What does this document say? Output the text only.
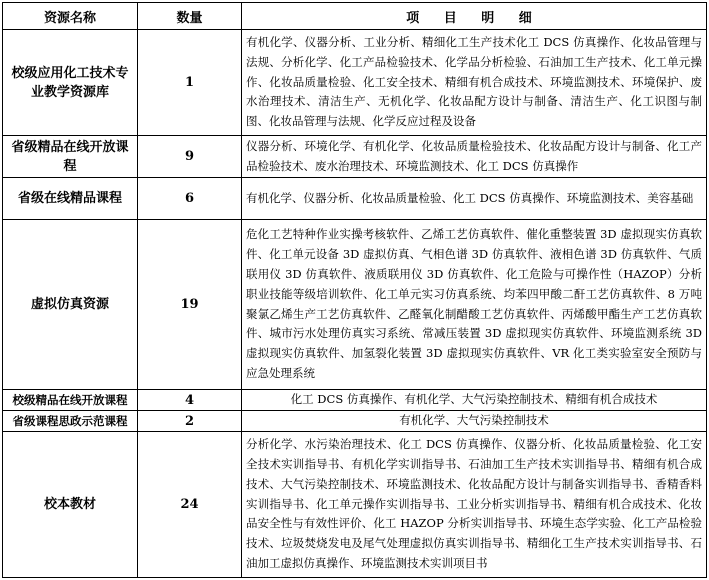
资源名称	数量	项 目 明 细
校级应用化工技术专业教学资源库	1	有机化学、仪器分析、工业分析、精细化工生产技术化工 DCS 仿真操作、化妆品管理与法规、分析化学、化工产品检验技术、化学品分析检验、石油加工生产技术、化工单元操作、化妆品质量检验、化工安全技术、精细有机合成技术、环境监测技术、环境保护、废水治理技术、清洁生产、无机化学、化妆品配方设计与制备、清洁生产、化工识图与制图、化妆品管理与法规、化学反应过程及设备
省级精品在线开放课程	9	仪器分析、环境化学、有机化学、化妆品质量检验技术、化妆品配方设计与制备、化工产品检验技术、废水治理技术、环境监测技术、化工 DCS 仿真操作
省级在线精品课程	6	有机化学、仪器分析、化妆品质量检验、化工 DCS 仿真操作、环境监测技术、美容基础
虚拟仿真资源	19	危化工艺特种作业实操考核软件、乙烯工艺仿真软件、催化重整装置 3D 虚拟现实仿真软件、化工单元设备 3D 虚拟仿真、气相色谱 3D 仿真软件、液相色谱 3D 仿真软件、气质联用仪 3D 仿真软件、液质联用仪 3D 仿真软件、化工危险与可操作性（HAZOP）分析职业技能等级培训软件、化工单元实习仿真系统、均苯四甲酸二酐工艺仿真软件、8 万吨聚氯乙烯生产工艺仿真软件、乙醛氧化制醋酸工艺仿真软件、丙烯酸甲酯生产工艺仿真软件、城市污水处理仿真实习系统、常减压装置 3D 虚拟现实仿真软件、环境监测系统 3D 虚拟现实仿真软件、加氢裂化装置 3D 虚拟现实仿真软件、VR 化工类实验室安全预防与应急处理系统
校级精品在线开放课程	4	化工 DCS 仿真操作、有机化学、大气污染控制技术、精细有机合成技术
省级课程思政示范课程	2	有机化学、大气污染控制技术
校本教材	24	分析化学、水污染治理技术、化工 DCS 仿真操作、仪器分析、化妆品质量检验、化工安全技术实训指导书、有机化学实训指导书、石油加工生产技术实训指导书、精细有机合成技术、大气污染控制技术、环境监测技术、化妆品配方设计与制备实训指导书、香精香料实训指导书、化工单元操作实训指导书、工业分析实训指导书、精细有机合成技术、化妆品安全性与有效性评价、化工 HAZOP 分析实训指导书、环境生态学实验、化工产品检验技术、垃圾焚烧发电及尾气处理虚拟仿真实训指导书、精细化工生产技术实训指导书、石油加工虚拟仿真操作、环境监测技术实训项目书
